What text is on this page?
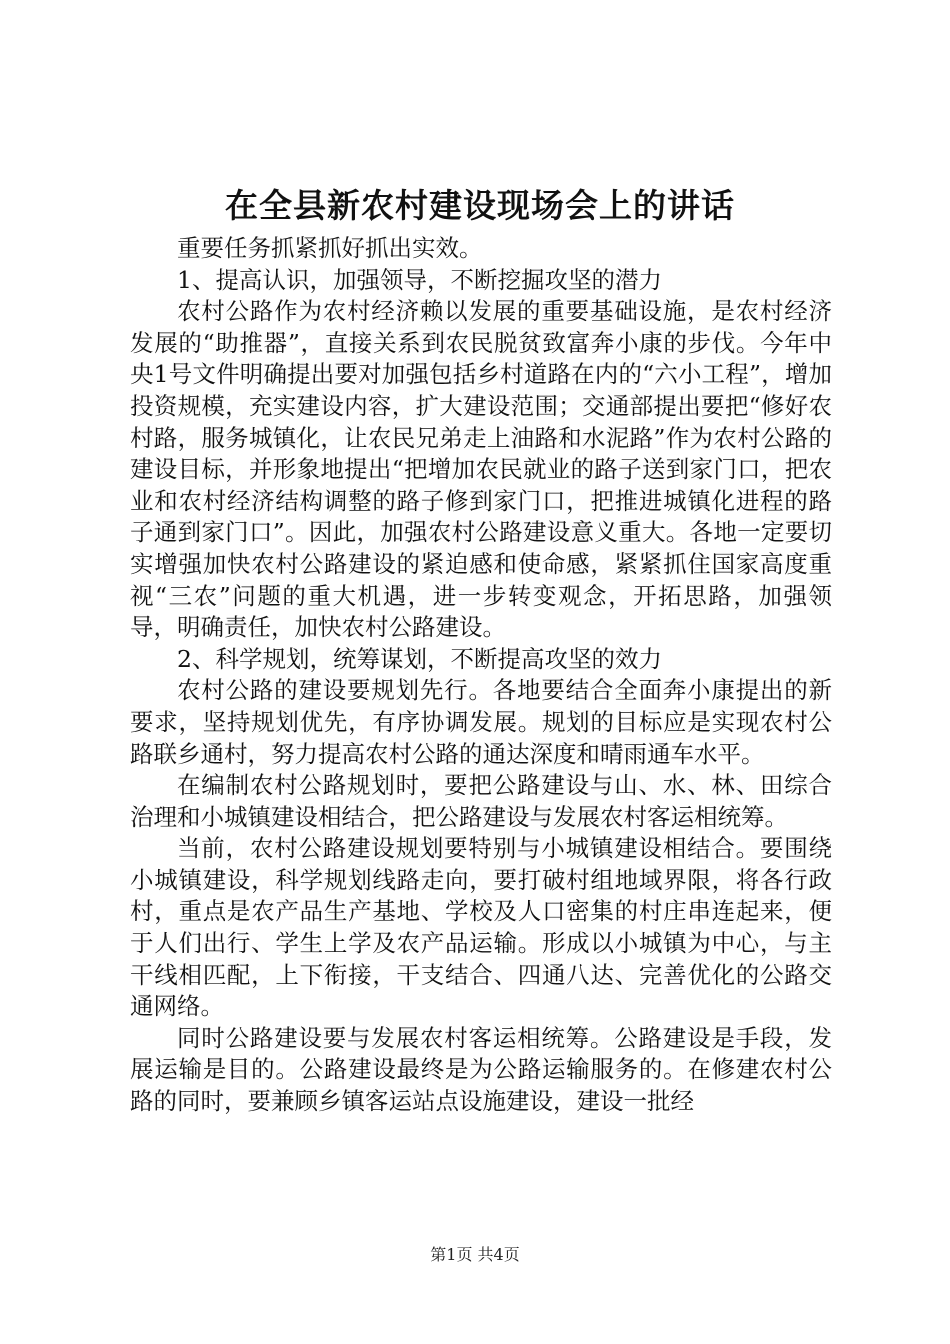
在全县新农村建设现场会上的讲话

重要任务抓紧抓好抓出实效。

1、提高认识，加强领导，不断挖掘攻坚的潜力

农村公路作为农村经济赖以发展的重要基础设施，是农村经济发展的“助推器”，直接关系到农民脱贫致富奔小康的步伐。今年中央1号文件明确提出要对加强包括乡村道路在内的“六小工程”，增加投资规模，充实建设内容，扩大建设范围；交通部提出要把“修好农村路，服务城镇化，让农民兄弟走上油路和水泥路”作为农村公路的建设目标，并形象地提出“把增加农民就业的路子送到家门口，把农业和农村经济结构调整的路子修到家门口，把推进城镇化进程的路子通到家门口”。因此，加强农村公路建设意义重大。各地一定要切实增强加快农村公路建设的紧迫感和使命感，紧紧抓住国家高度重视“三农”问题的重大机遇，进一步转变观念，开拓思路，加强领导，明确责任，加快农村公路建设。

2、科学规划，统筹谋划，不断提高攻坚的效力

农村公路的建设要规划先行。各地要结合全面奔小康提出的新要求，坚持规划优先，有序协调发展。规划的目标应是实现农村公路联乡通村，努力提高农村公路的通达深度和晴雨通车水平。

在编制农村公路规划时，要把公路建设与山、水、林、田综合治理和小城镇建设相结合，把公路建设与发展农村客运相统筹。

当前，农村公路建设规划要特别与小城镇建设相结合。要围绕小城镇建设，科学规划线路走向，要打破村组地域界限，将各行政村，重点是农产品生产基地、学校及人口密集的村庄串连起来，便于人们出行、学生上学及农产品运输。形成以小城镇为中心，与主干线相匹配，上下衔接，干支结合、四通八达、完善优化的公路交通网络。

同时公路建设要与发展农村客运相统筹。公路建设是手段，发展运输是目的。公路建设最终是为公路运输服务的。在修建农村公路的同时，要兼顾乡镇客运站点设施建设，建设一批经

第1页 共4页
